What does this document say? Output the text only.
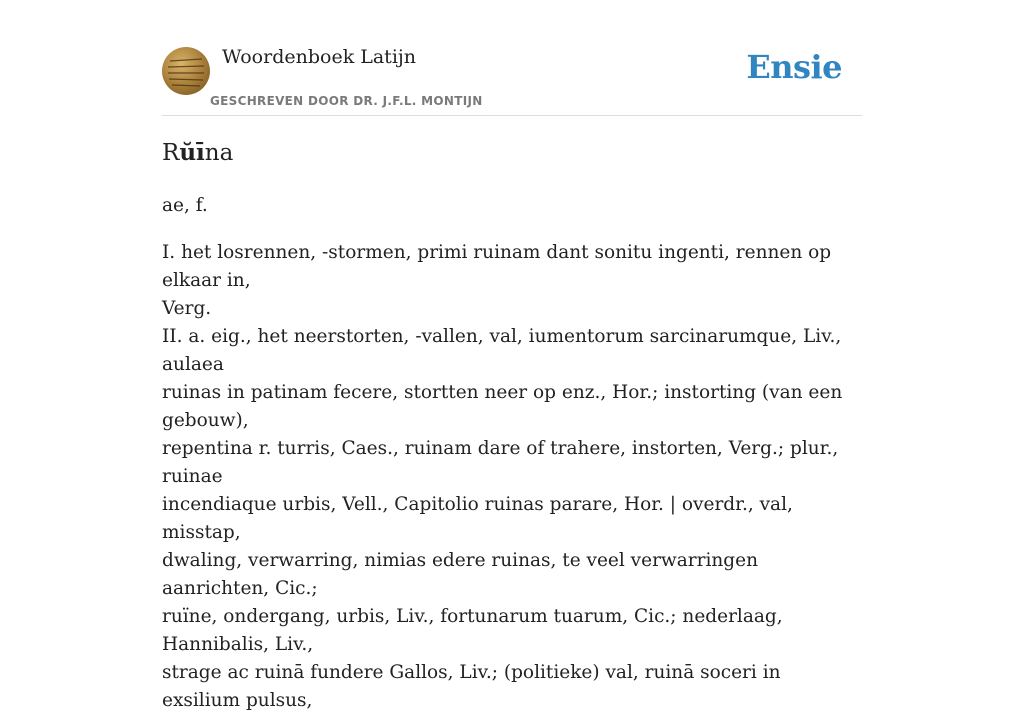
Woordenboek Latijn
GESCHREVEN DOOR DR. J.F.L. MONTIJN
Ensie
Rŭīna
ae, f.
I. het losrennen, -stormen, primi ruinam dant sonitu ingenti, rennen op elkaar in,
Verg.
II. a. eig., het neerstorten, -vallen, val, iumentorum sarcinarumque, Liv., aulaea
ruinas in patinam fecere, stortten neer op enz., Hor.; instorting (van een gebouw),
repentina r. turris, Caes., ruinam dare of trahere, instorten, Verg.; plur., ruinae
incendiaque urbis, Vell., Capitolio ruinas parare, Hor. | overdr., val, misstap,
dwaling, verwarring, nimias edere ruinas, te veel verwarringen aanrichten, Cic.;
ruïne, ondergang, urbis, Liv., fortunarum tuarum, Cic.; nederlaag, Hannibalis, Liv.,
strage ac ruinā fundere Gallos, Liv.; (politieke) val, ruinā soceri in exsilium pulsus,
